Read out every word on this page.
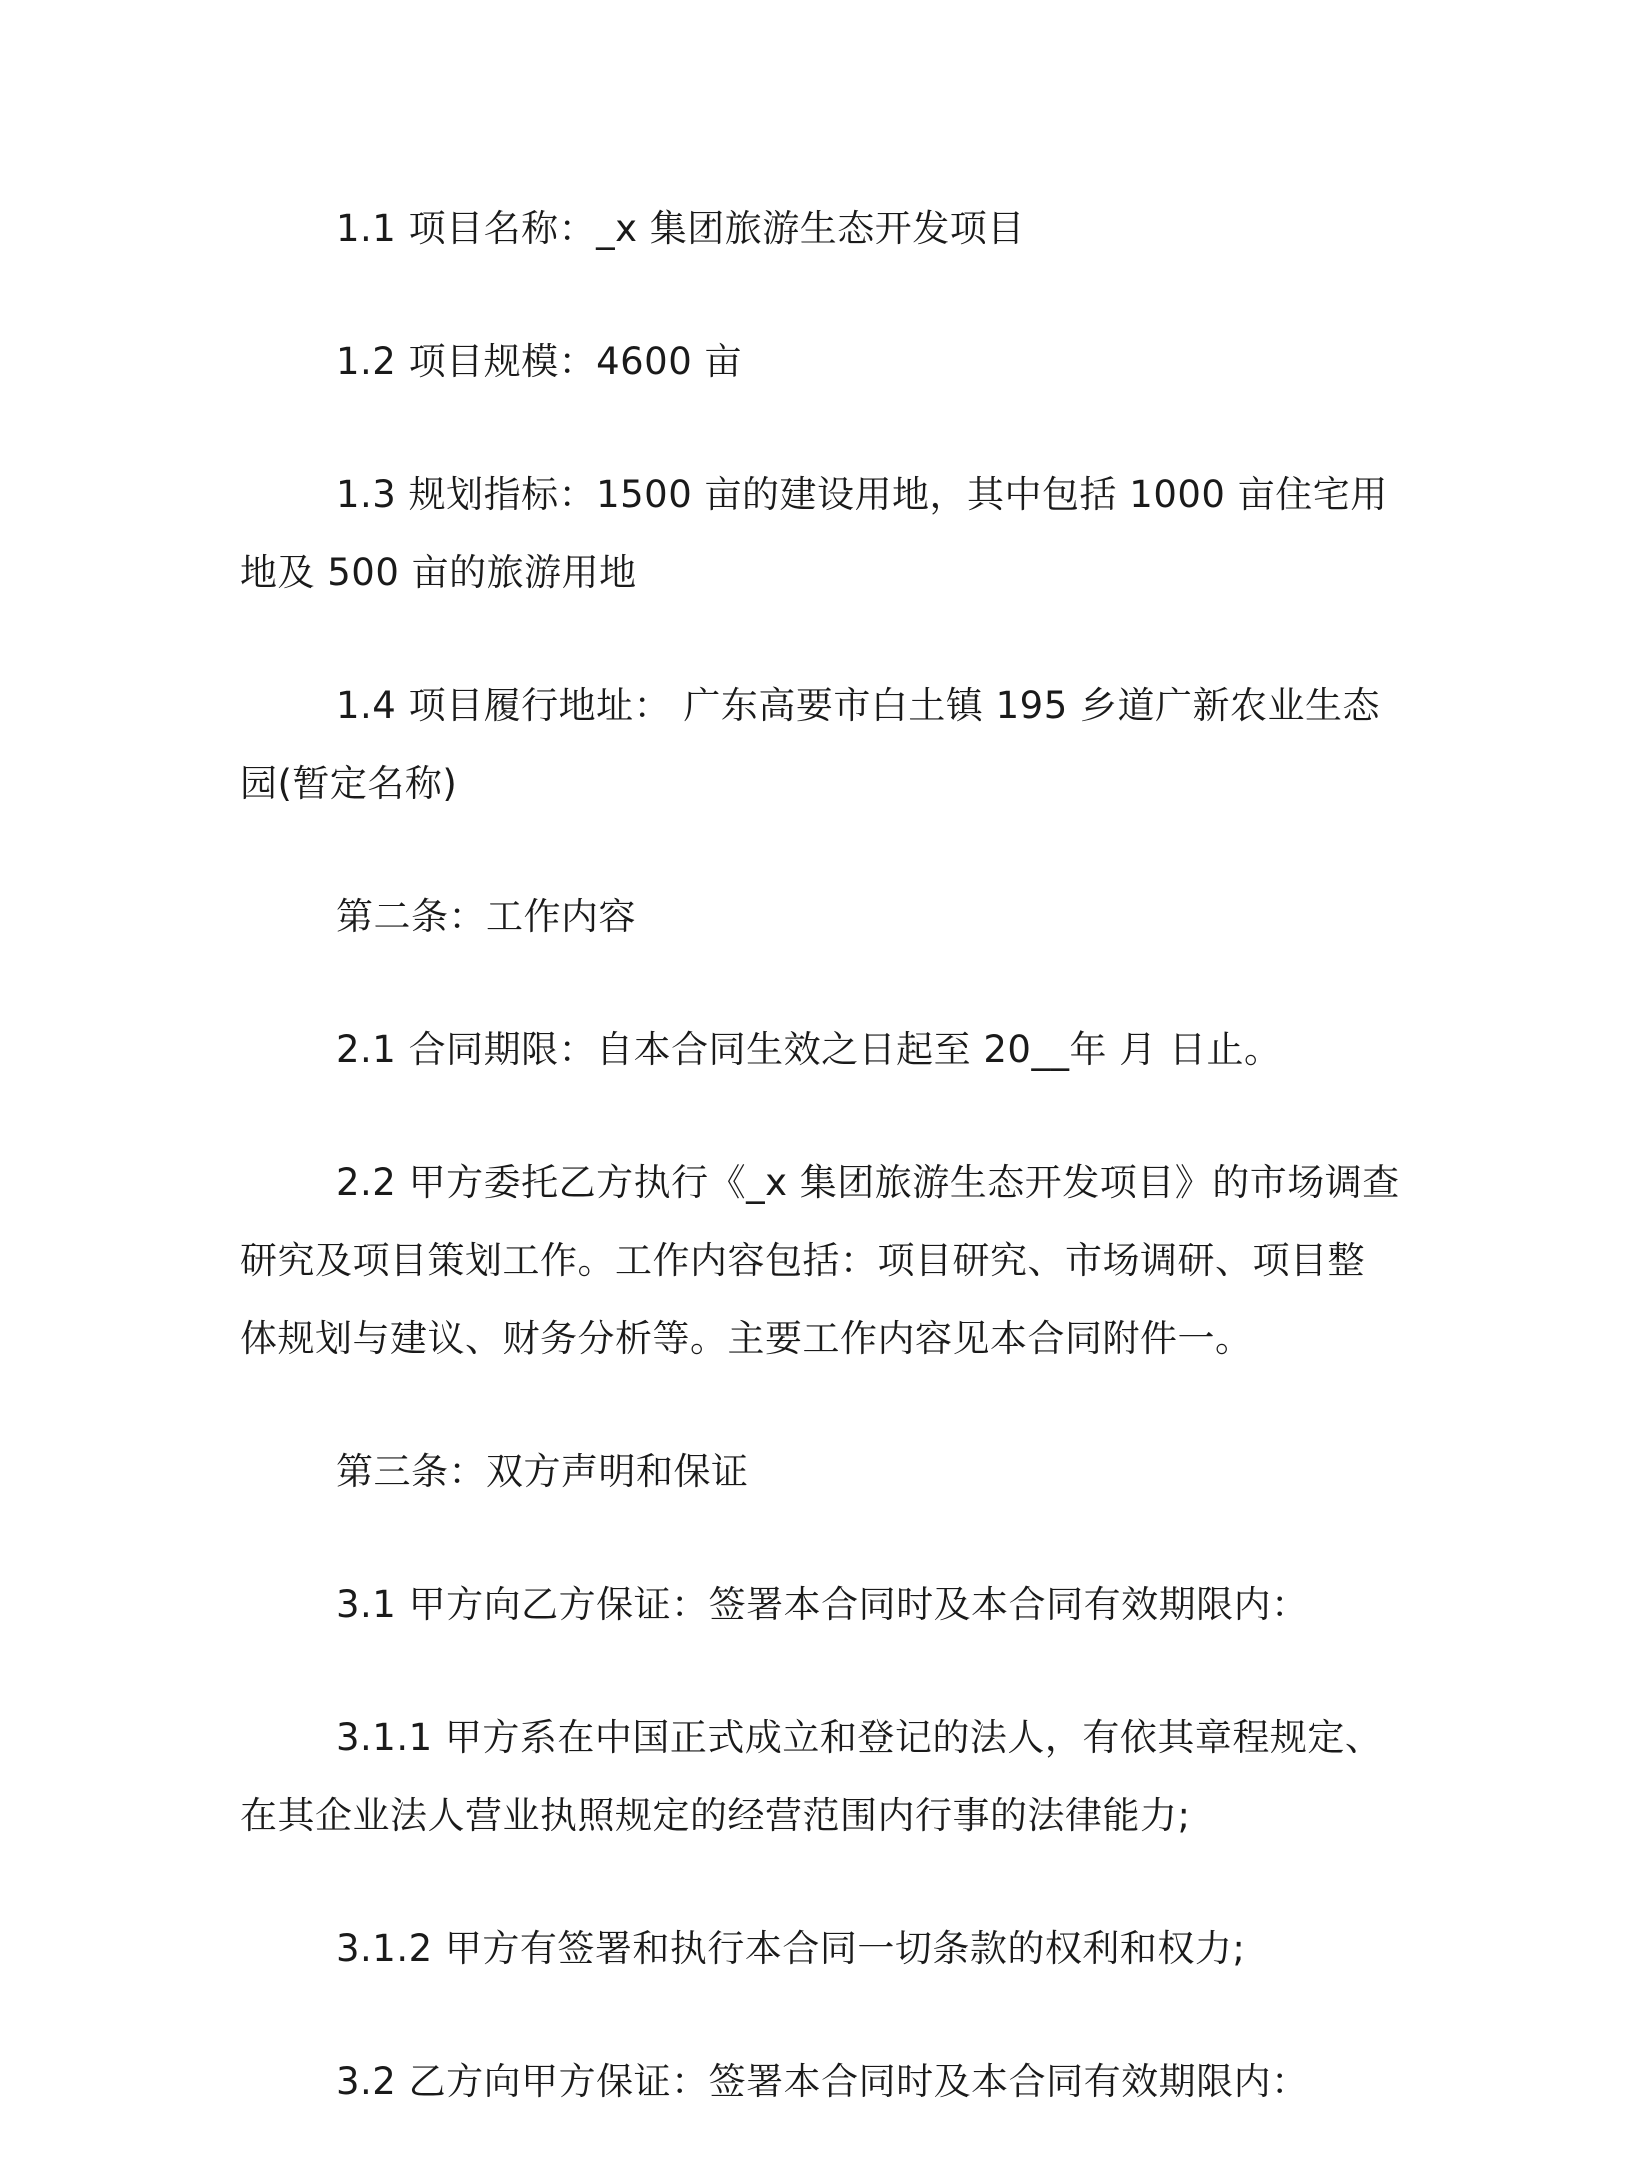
1.1 项目名称：_x 集团旅游生态开发项目

1.2 项目规模：4600 亩

1.3 规划指标：1500 亩的建设用地，其中包括 1000 亩住宅用地及 500 亩的旅游用地

1.4 项目履行地址： 广东高要市白土镇 195 乡道广新农业生态园(暂定名称)

第二条：工作内容

2.1 合同期限：自本合同生效之日起至 20__年 月 日止。

2.2 甲方委托乙方执行《_x 集团旅游生态开发项目》的市场调查研究及项目策划工作。工作内容包括：项目研究、市场调研、项目整体规划与建议、财务分析等。主要工作内容见本合同附件一。

第三条：双方声明和保证

3.1 甲方向乙方保证：签署本合同时及本合同有效期限内：

3.1.1 甲方系在中国正式成立和登记的法人，有依其章程规定、在其企业法人营业执照规定的经营范围内行事的法律能力;

3.1.2 甲方有签署和执行本合同一切条款的权利和权力;

3.2 乙方向甲方保证：签署本合同时及本合同有效期限内：
